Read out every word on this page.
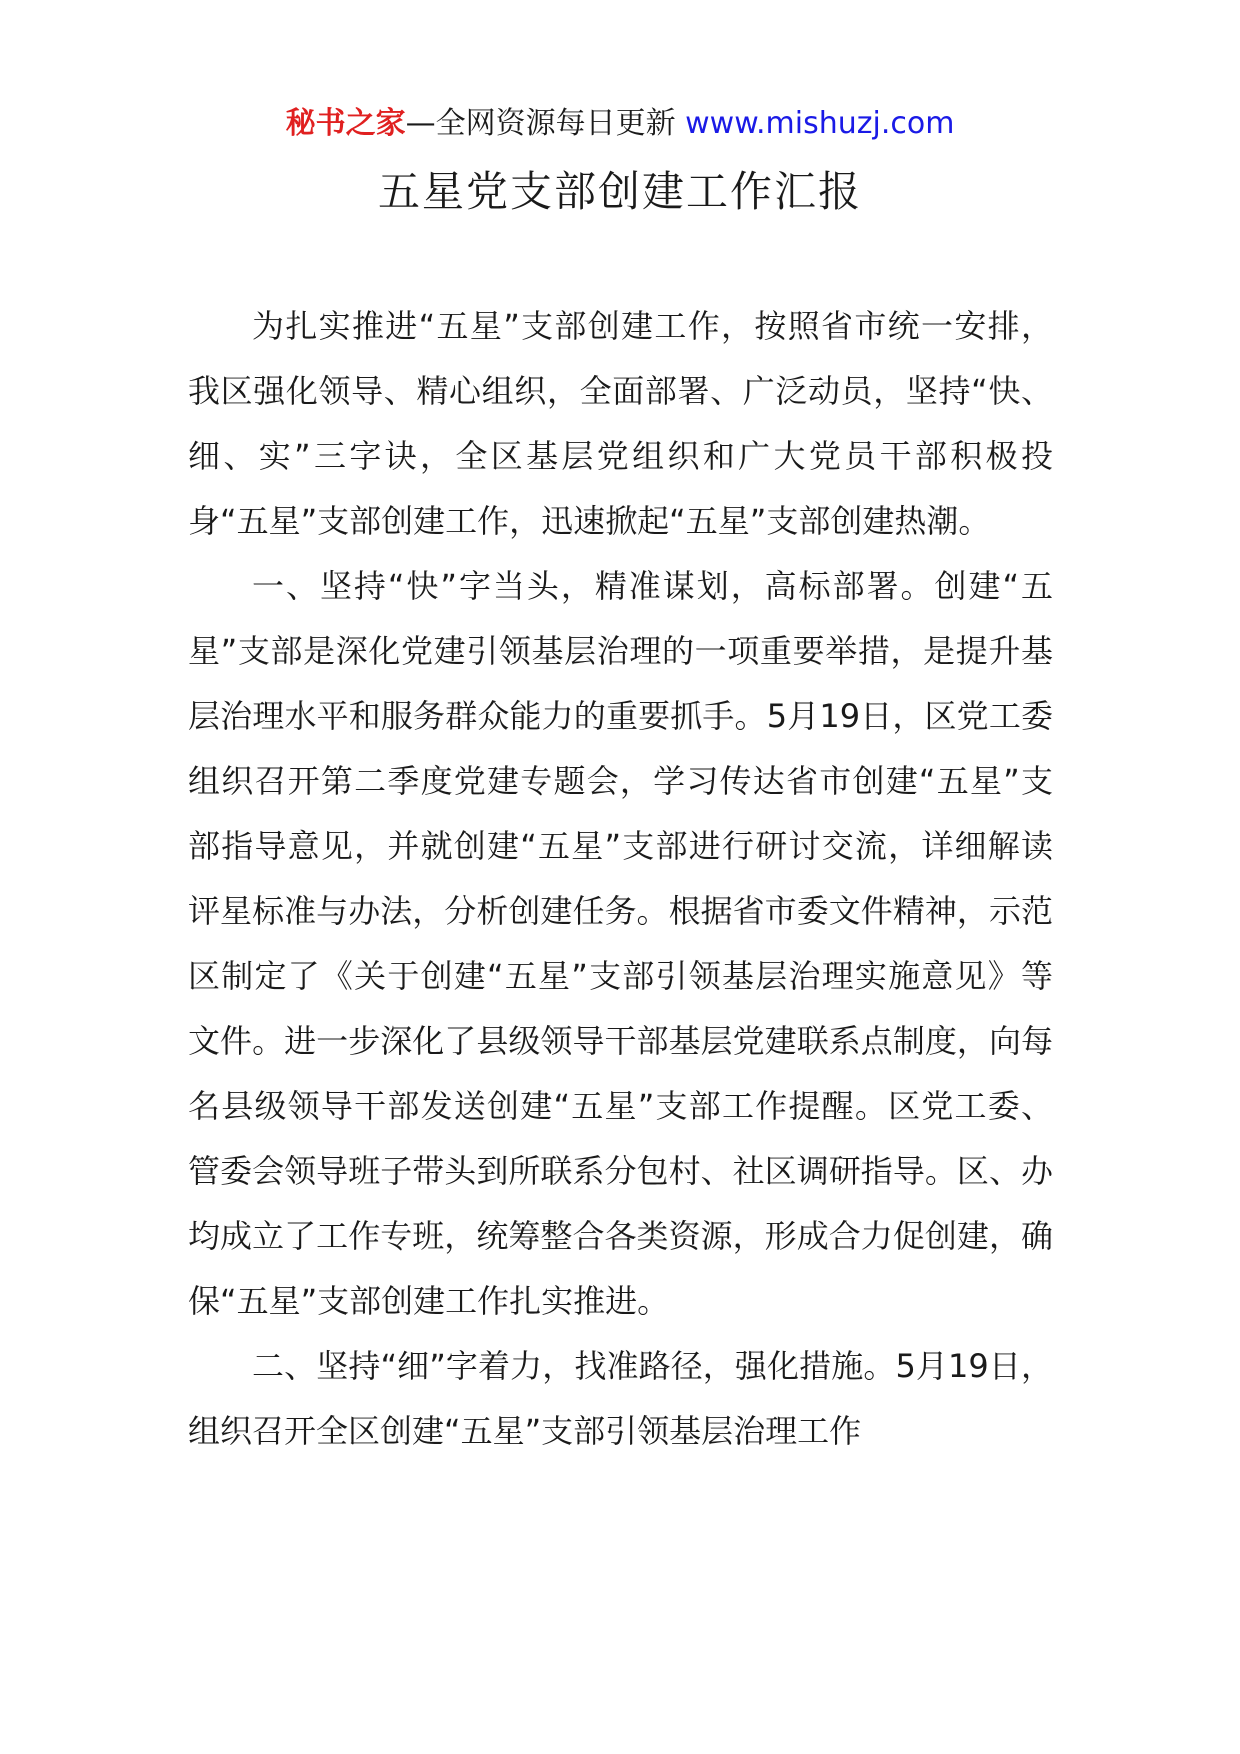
秘书之家—全网资源每日更新 www.mishuzj.com
五星党支部创建工作汇报

为扎实推进“五星”支部创建工作，按照省市统一安排，我区强化领导、精心组织，全面部署、广泛动员，坚持“快、细、实”三字诀，全区基层党组织和广大党员干部积极投身“五星”支部创建工作，迅速掀起“五星”支部创建热潮。

一、坚持“快”字当头，精准谋划，高标部署。创建“五星”支部是深化党建引领基层治理的一项重要举措，是提升基层治理水平和服务群众能力的重要抓手。5月19日，区党工委组织召开第二季度党建专题会，学习传达省市创建“五星”支部指导意见，并就创建“五星”支部进行研讨交流，详细解读评星标准与办法，分析创建任务。根据省市委文件精神，示范区制定了《关于创建“五星”支部引领基层治理实施意见》等文件。进一步深化了县级领导干部基层党建联系点制度，向每名县级领导干部发送创建“五星”支部工作提醒。区党工委、管委会领导班子带头到所联系分包村、社区调研指导。区、办均成立了工作专班，统筹整合各类资源，形成合力促创建，确保“五星”支部创建工作扎实推进。

二、坚持“细”字着力，找准路径，强化措施。5月19日，组织召开全区创建“五星”支部引领基层治理工作
